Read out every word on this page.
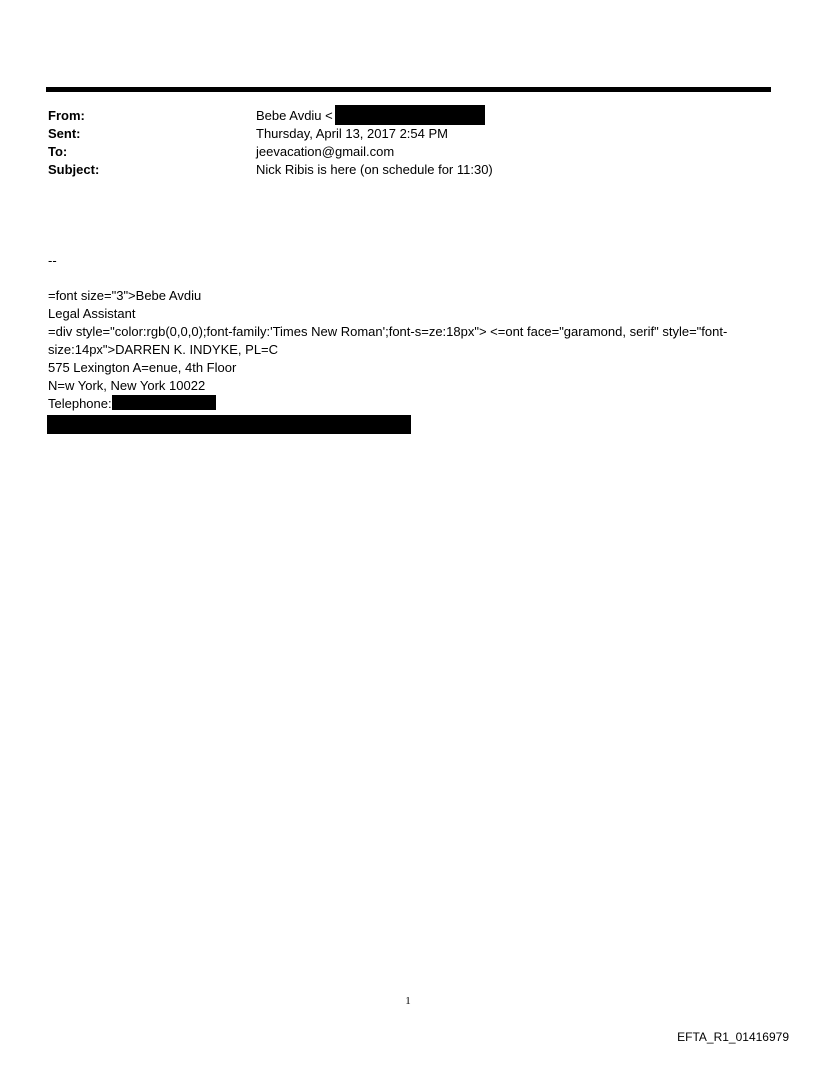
From:	Bebe Avdiu <
Sent:	Thursday, April 13, 2017 2:54 PM
To:	jeevacation@gmail.com
Subject:	Nick Ribis is here (on schedule for 11:30)
--
=font size="3">Bebe Avdiu
Legal Assistant
=div style="color:rgb(0,0,0);font-family:'Times New Roman';font-s=ze:18px"> <=ont face="garamond, serif" style="font-
size:14px">DARREN K. INDYKE, PL=C
575 Lexington A=enue, 4th Floor
N=w York, New York 10022
Telephone:
1
EFTA_R1_01416979
